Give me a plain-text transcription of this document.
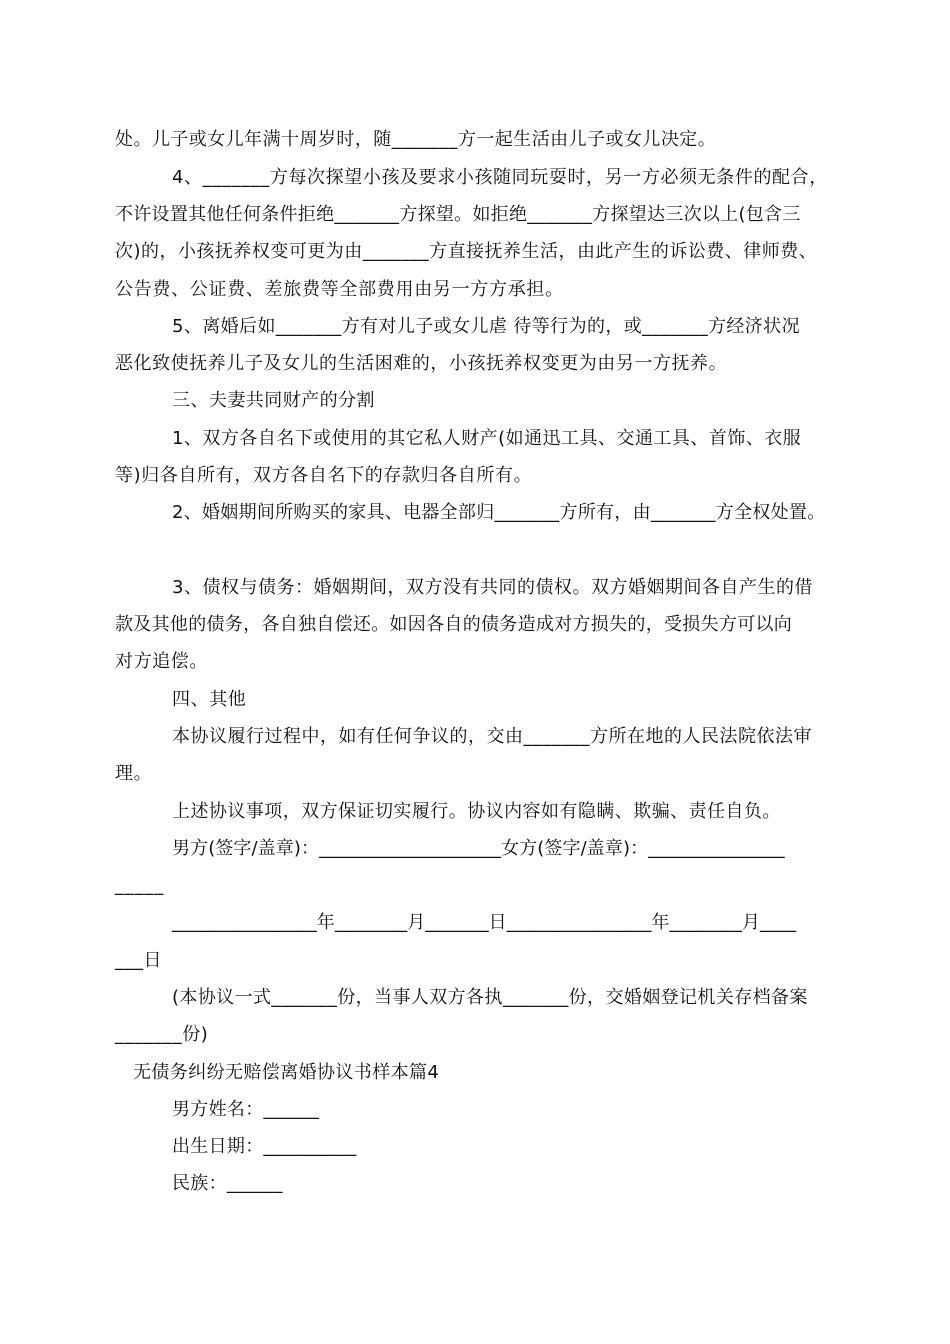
处。儿子或女儿年满十周岁时，随_______方一起生活由儿子或女儿决定。

4、_______方每次探望小孩及要求小孩随同玩耍时，另一方必须无条件的配合，

不许设置其他任何条件拒绝_______方探望。如拒绝_______方探望达三次以上(包含三

次)的，小孩抚养权变可更为由_______方直接抚养生活，由此产生的诉讼费、律师费、

公告费、公证费、差旅费等全部费用由另一方方承担。

5、离婚后如_______方有对儿子或女儿虐 待等行为的，或_______方经济状况

恶化致使抚养儿子及女儿的生活困难的，小孩抚养权变更为由另一方抚养。

三、夫妻共同财产的分割

1、双方各自名下或使用的其它私人财产(如通迅工具、交通工具、首饰、衣服

等)归各自所有，双方各自名下的存款归各自所有。

2、婚姻期间所购买的家具、电器全部归_______方所有，由_______方全权处置。

3、债权与债务：婚姻期间，双方没有共同的债权。双方婚姻期间各自产生的借

款及其他的债务，各自独自偿还。如因各自的债务造成对方损失的，受损失方可以向

对方追偿。

四、其他

本协议履行过程中，如有任何争议的，交由_______方所在地的人民法院依法审

理。

上述协议事项，双方保证切实履行。协议内容如有隐瞒、欺骗、责任自负。

男方(签字/盖章)：____________________女方(签字/盖章)：_______________

_____

________________年________月_______日________________年________月____

___日

(本协议一式_______份，当事人双方各执_______份，交婚姻登记机关存档备案

_______份)

无债务纠纷无赔偿离婚协议书样本篇4

男方姓名：______

出生日期：__________

民族：______
